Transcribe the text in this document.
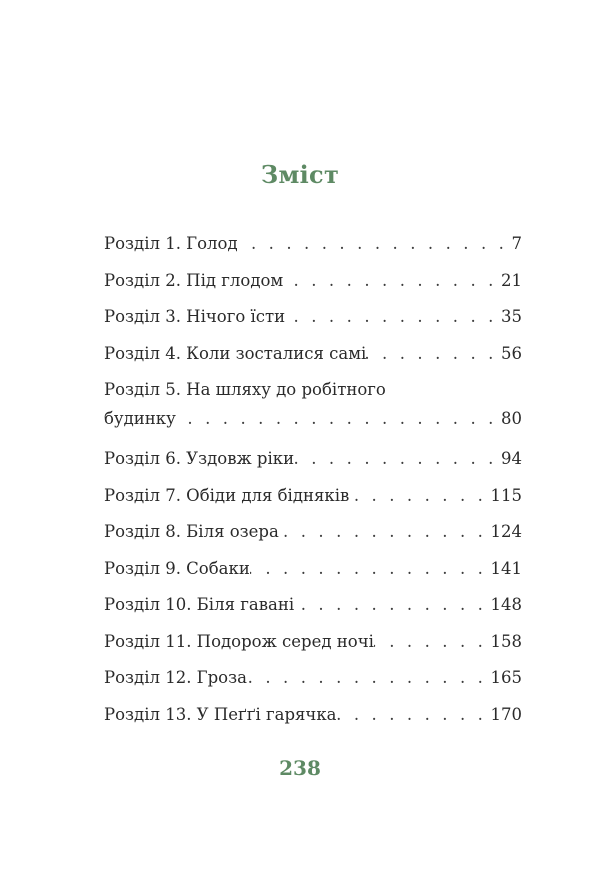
Зміст
Розділ 1. Голод . . .	7
Розділ 2. Під глодом . . .	21
Розділ 3. Нічого їсти . . .	35
Розділ 4. Коли зосталися самі . . .	56
Розділ 5. На шляху до робітного
будинку . . .	80
Розділ 6. Уздовж ріки . . .	94
Розділ 7. Обіди для бідняків . . .	115
Розділ 8. Біля озера . . .	124
Розділ 9. Собаки . . .	141
Розділ 10. Біля гавані . . .	148
Розділ 11. Подорож серед ночі . . .	158
Розділ 12. Гроза . . .	165
Розділ 13. У Пеґґі гарячка . . .	170
238
